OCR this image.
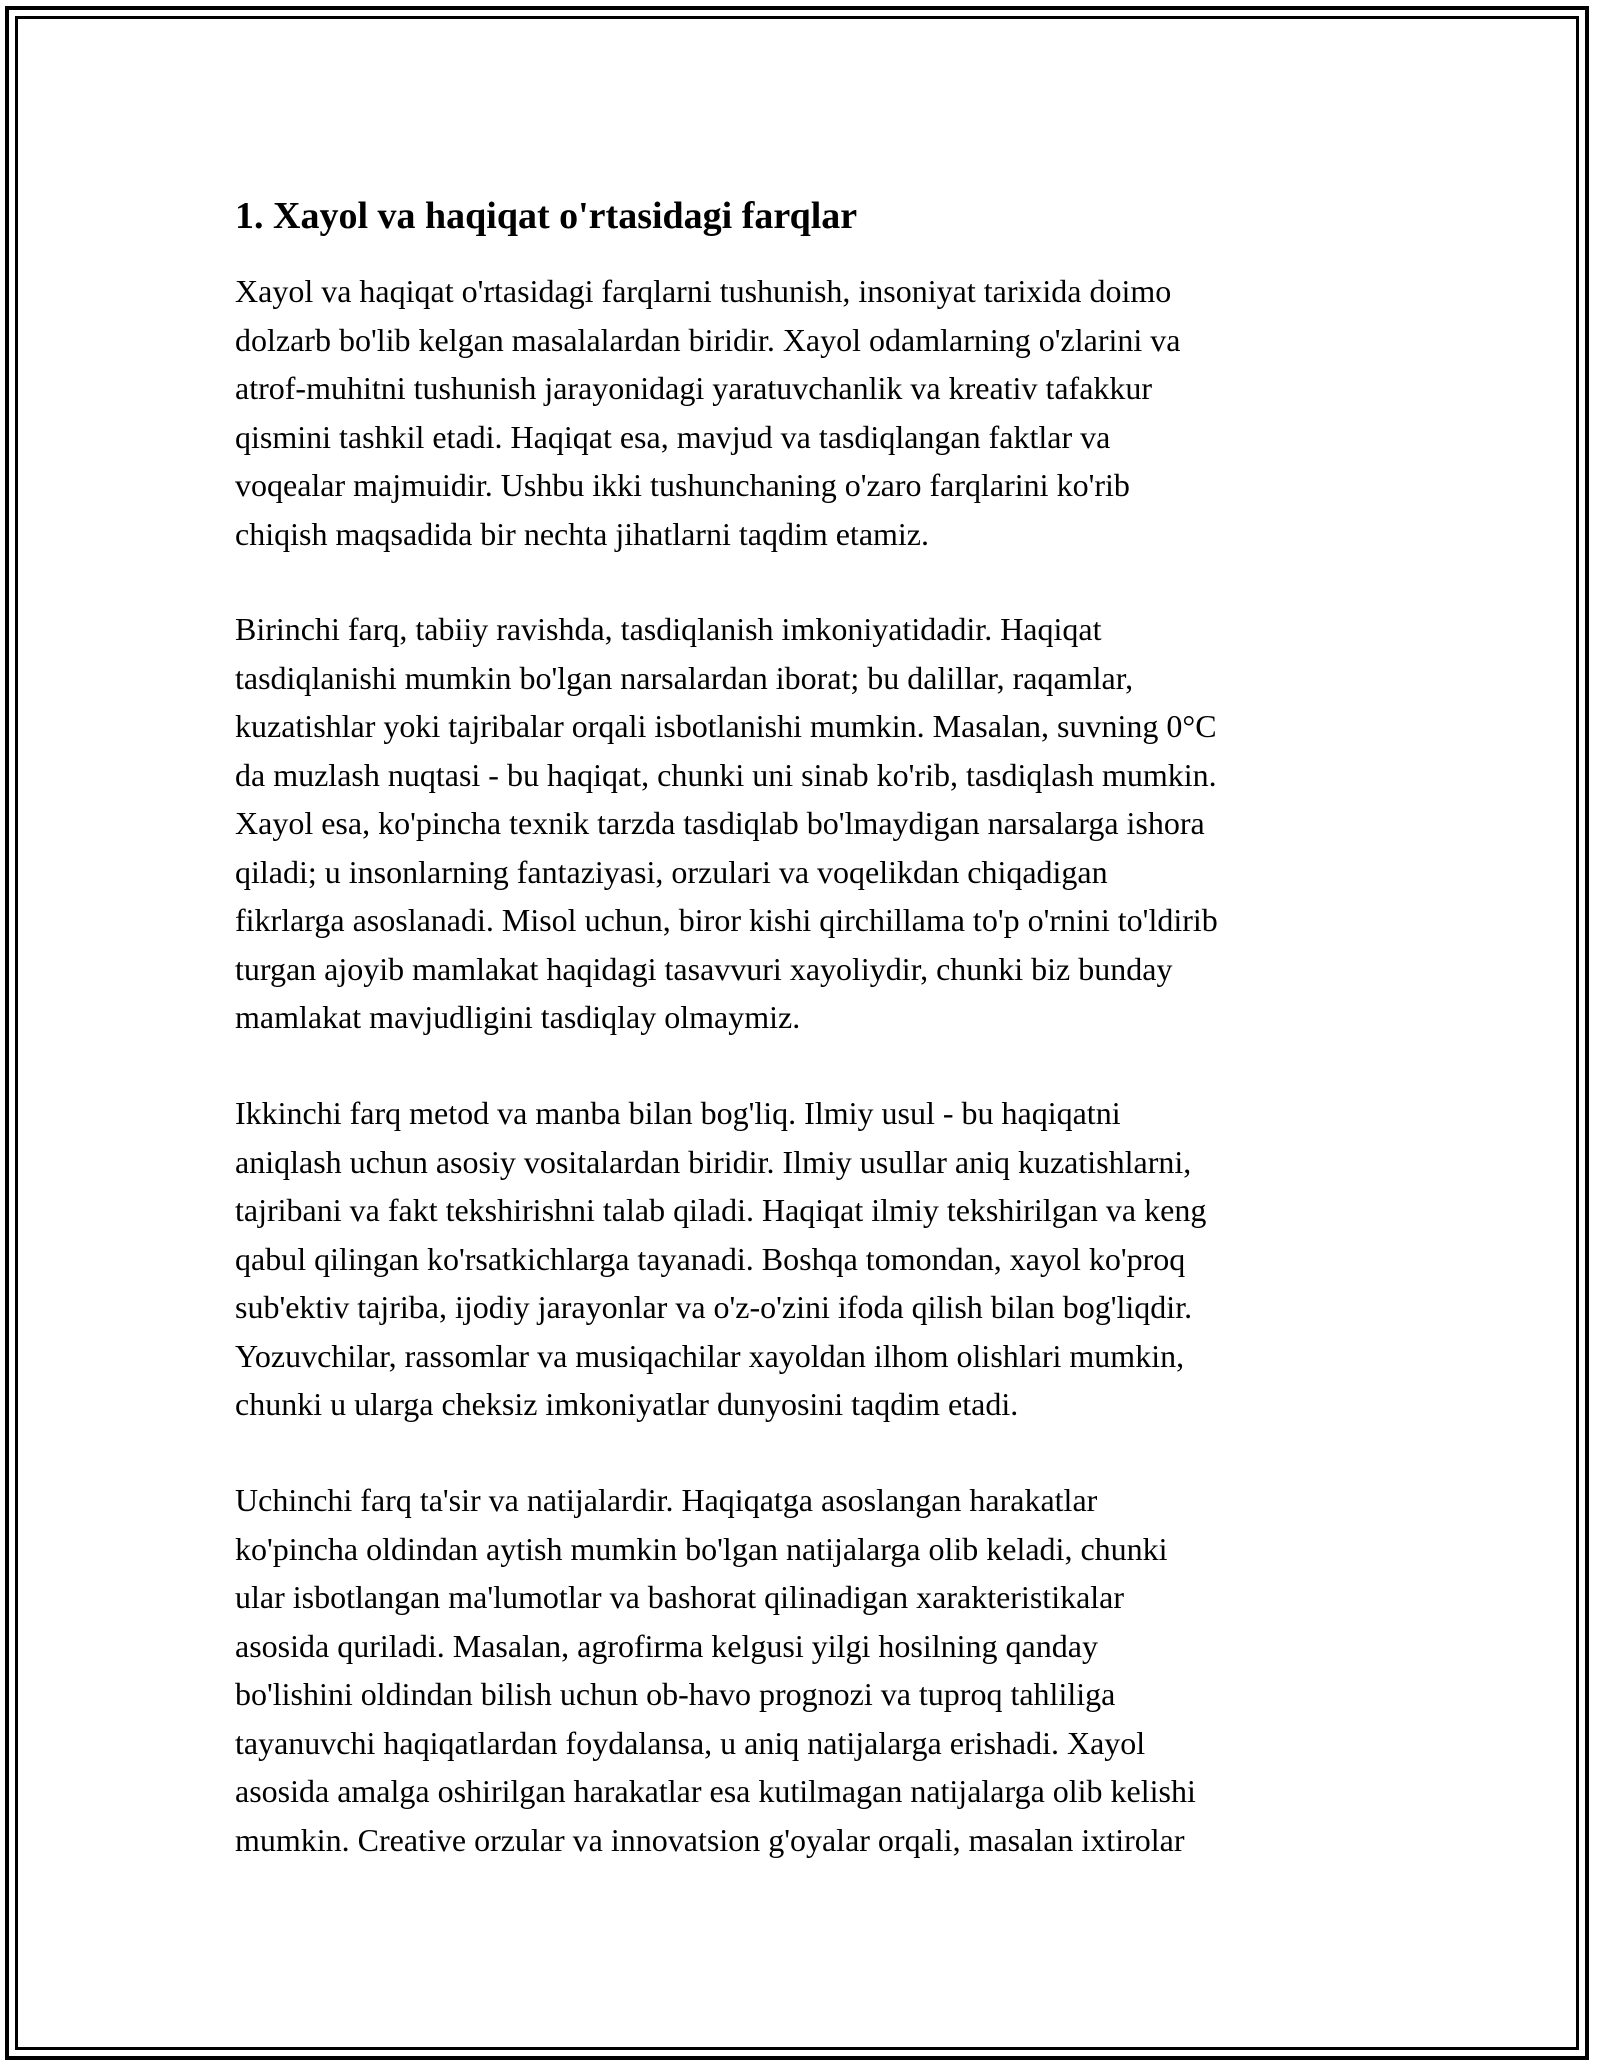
1. Xayol va haqiqat o'rtasidagi farqlar

Xayol va haqiqat o'rtasidagi farqlarni tushunish, insoniyat tarixida doimo
dolzarb bo'lib kelgan masalalardan biridir. Xayol odamlarning o'zlarini va
atrof-muhitni tushunish jarayonidagi yaratuvchanlik va kreativ tafakkur
qismini tashkil etadi. Haqiqat esa, mavjud va tasdiqlangan faktlar va
voqealar majmuidir. Ushbu ikki tushunchaning o'zaro farqlarini ko'rib
chiqish maqsadida bir nechta jihatlarni taqdim etamiz.

Birinchi farq, tabiiy ravishda, tasdiqlanish imkoniyatidadir. Haqiqat
tasdiqlanishi mumkin bo'lgan narsalardan iborat; bu dalillar, raqamlar,
kuzatishlar yoki tajribalar orqali isbotlanishi mumkin. Masalan, suvning 0°C
da muzlash nuqtasi - bu haqiqat, chunki uni sinab ko'rib, tasdiqlash mumkin.
Xayol esa, ko'pincha texnik tarzda tasdiqlab bo'lmaydigan narsalarga ishora
qiladi; u insonlarning fantaziyasi, orzulari va voqelikdan chiqadigan
fikrlarga asoslanadi. Misol uchun, biror kishi qirchillama to'p o'rnini to'ldirib
turgan ajoyib mamlakat haqidagi tasavvuri xayoliydir, chunki biz bunday
mamlakat mavjudligini tasdiqlay olmaymiz.

Ikkinchi farq metod va manba bilan bog'liq. Ilmiy usul - bu haqiqatni
aniqlash uchun asosiy vositalardan biridir. Ilmiy usullar aniq kuzatishlarni,
tajribani va fakt tekshirishni talab qiladi. Haqiqat ilmiy tekshirilgan va keng
qabul qilingan ko'rsatkichlarga tayanadi. Boshqa tomondan, xayol ko'proq
sub'ektiv tajriba, ijodiy jarayonlar va o'z-o'zini ifoda qilish bilan bog'liqdir.
Yozuvchilar, rassomlar va musiqachilar xayoldan ilhom olishlari mumkin,
chunki u ularga cheksiz imkoniyatlar dunyosini taqdim etadi.

Uchinchi farq ta'sir va natijalardir. Haqiqatga asoslangan harakatlar
ko'pincha oldindan aytish mumkin bo'lgan natijalarga olib keladi, chunki
ular isbotlangan ma'lumotlar va bashorat qilinadigan xarakteristikalar
asosida quriladi. Masalan, agrofirma kelgusi yilgi hosilning qanday
bo'lishini oldindan bilish uchun ob-havo prognozi va tuproq tahliliga
tayanuvchi haqiqatlardan foydalansa, u aniq natijalarga erishadi. Xayol
asosida amalga oshirilgan harakatlar esa kutilmagan natijalarga olib kelishi
mumkin. Creative orzular va innovatsion g'oyalar orqali, masalan ixtirolar
